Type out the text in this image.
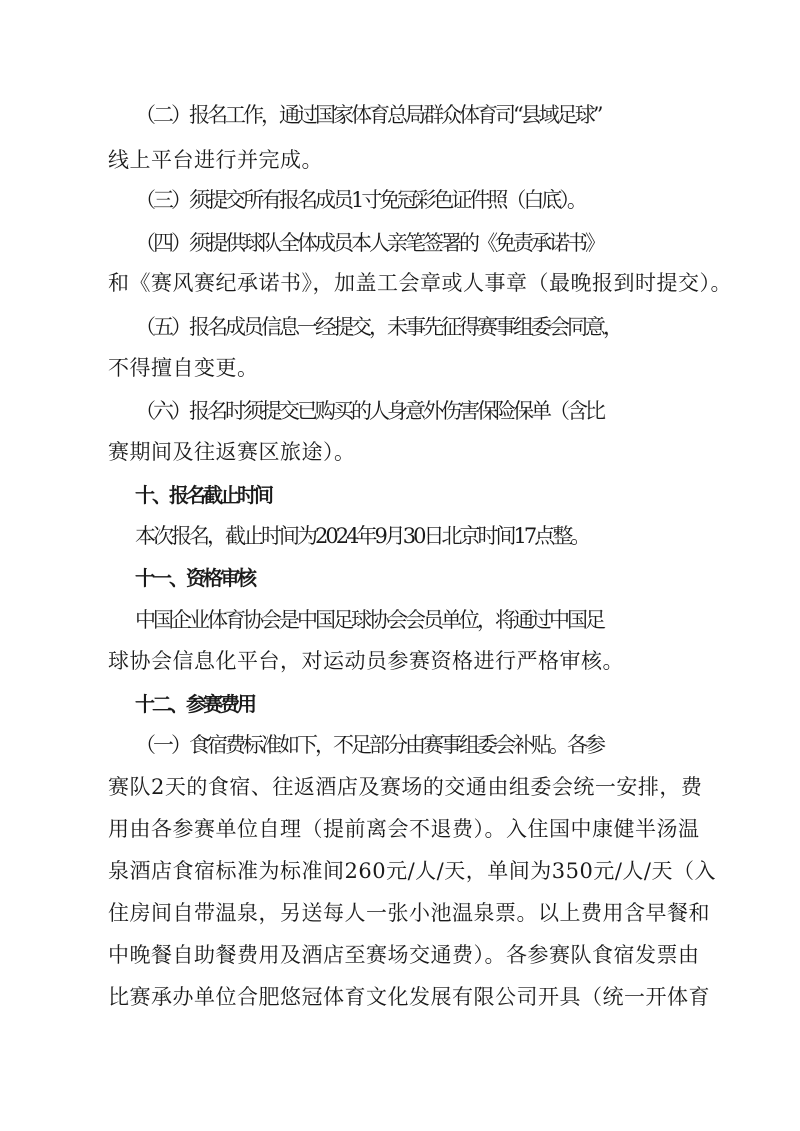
（二）报名工作，通过国家体育总局群众体育司“县域足球”
线上平台进行并完成。
（三）须提交所有报名成员1寸免冠彩色证件照（白底）。
（四）须提供球队全体成员本人亲笔签署的《免责承诺书》
和《赛风赛纪承诺书》，加盖工会章或人事章（最晚报到时提交）。
（五）报名成员信息一经提交，未事先征得赛事组委会同意，
不得擅自变更。
（六）报名时须提交已购买的人身意外伤害保险保单（含比
赛期间及往返赛区旅途）。
十、报名截止时间
本次报名，截止时间为2024年9月30日北京时间17点整。
十一、资格审核
中国企业体育协会是中国足球协会会员单位，将通过中国足
球协会信息化平台，对运动员参赛资格进行严格审核。
十二、参赛费用
（一）食宿费标准如下，不足部分由赛事组委会补贴。各参
赛队2天的食宿、往返酒店及赛场的交通由组委会统一安排，费
用由各参赛单位自理（提前离会不退费）。入住国中康健半汤温
泉酒店食宿标准为标准间260元/人/天，单间为350元/人/天（入
住房间自带温泉，另送每人一张小池温泉票。以上费用含早餐和
中晚餐自助餐费用及酒店至赛场交通费）。各参赛队食宿发票由
比赛承办单位合肥悠冠体育文化发展有限公司开具（统一开体育
